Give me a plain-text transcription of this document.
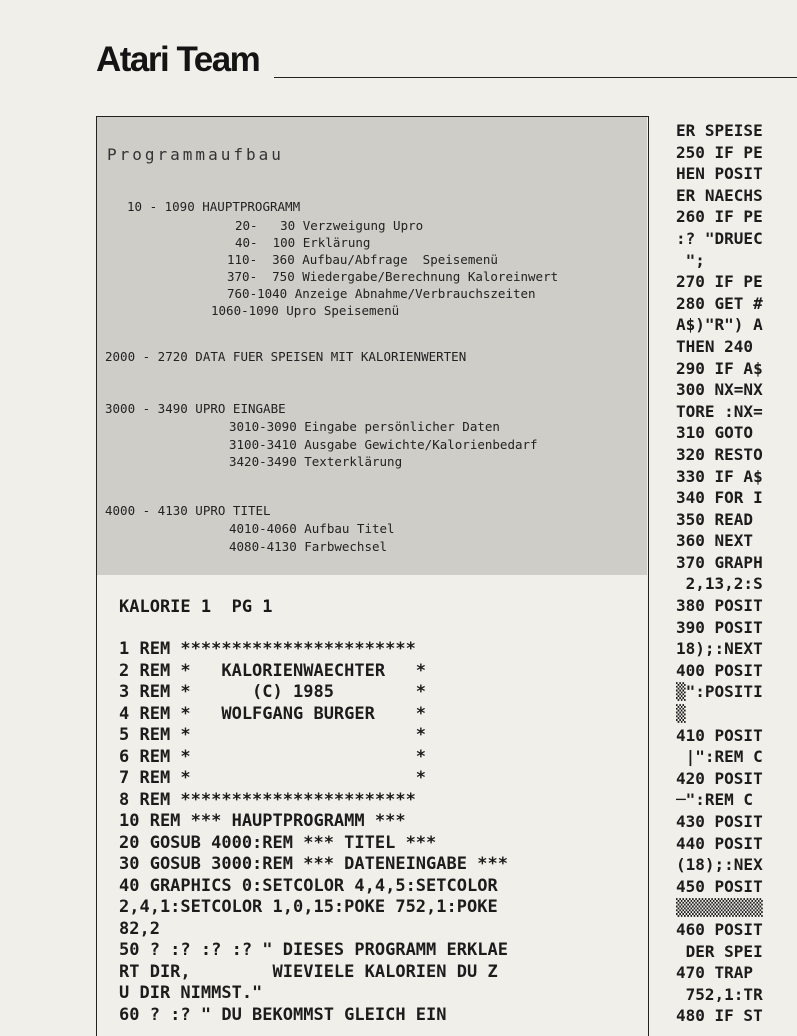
Atari Team
Programmaufbau
10 - 1090 HAUPTPROGRAMM
20-   30 Verzweigung Upro
40-  100 Erklärung
110-  360 Aufbau/Abfrage  Speisemenü
370-  750 Wiedergabe/Berechnung Kaloreinwert
760-1040 Anzeige Abnahme/Verbrauchszeiten
1060-1090 Upro Speisemenü
2000 - 2720 DATA FUER SPEISEN MIT KALORIENWERTEN
3000 - 3490 UPRO EINGABE
3010-3090 Eingabe persönlicher Daten
3100-3410 Ausgabe Gewichte/Kalorienbedarf
3420-3490 Texterklärung
4000 - 4130 UPRO TITEL
4010-4060 Aufbau Titel
4080-4130 Farbwechsel
KALORIE 1  PG 1
1 REM ***********************
2 REM *   KALORIENWAECHTER   *
3 REM *      (C) 1985        *
4 REM *   WOLFGANG BURGER    *
5 REM *                      *
6 REM *                      *
7 REM *                      *
8 REM ***********************
10 REM *** HAUPTPROGRAMM ***
20 GOSUB 4000:REM *** TITEL ***
30 GOSUB 3000:REM *** DATENEINGABE ***
40 GRAPHICS 0:SETCOLOR 4,4,5:SETCOLOR
2,4,1:SETCOLOR 1,0,15:POKE 752,1:POKE
82,2
50 ? :? :? :? " DIESES PROGRAMM ERKLAE
RT DIR,        WIEVIELE KALORIEN DU Z
U DIR NIMMST."
60 ? :? " DU BEKOMMST GLEICH EIN
ER SPEISE
250 IF PE
HEN POSIT
ER NAECHS
260 IF PE
:? "DRUEC
";
270 IF PE
280 GET #
A$)"R") A
THEN 240
290 IF A$
300 NX=NX
TORE :NX=
310 GOTO
320 RESTO
330 IF A$
340 FOR I
350 READ
360 NEXT
370 GRAPH
2,13,2:S
380 POSIT
390 POSIT
18);:NEXT
400 POSIT
▒":POSITI
▒
410 POSIT
|":REM C
420 POSIT
─":REM C
430 POSIT
440 POSIT
(18);:NEX
450 POSIT
▒▒▒▒▒▒▒▒▒
460 POSIT
DER SPEI
470 TRAP
752,1:TR
480 IF ST
